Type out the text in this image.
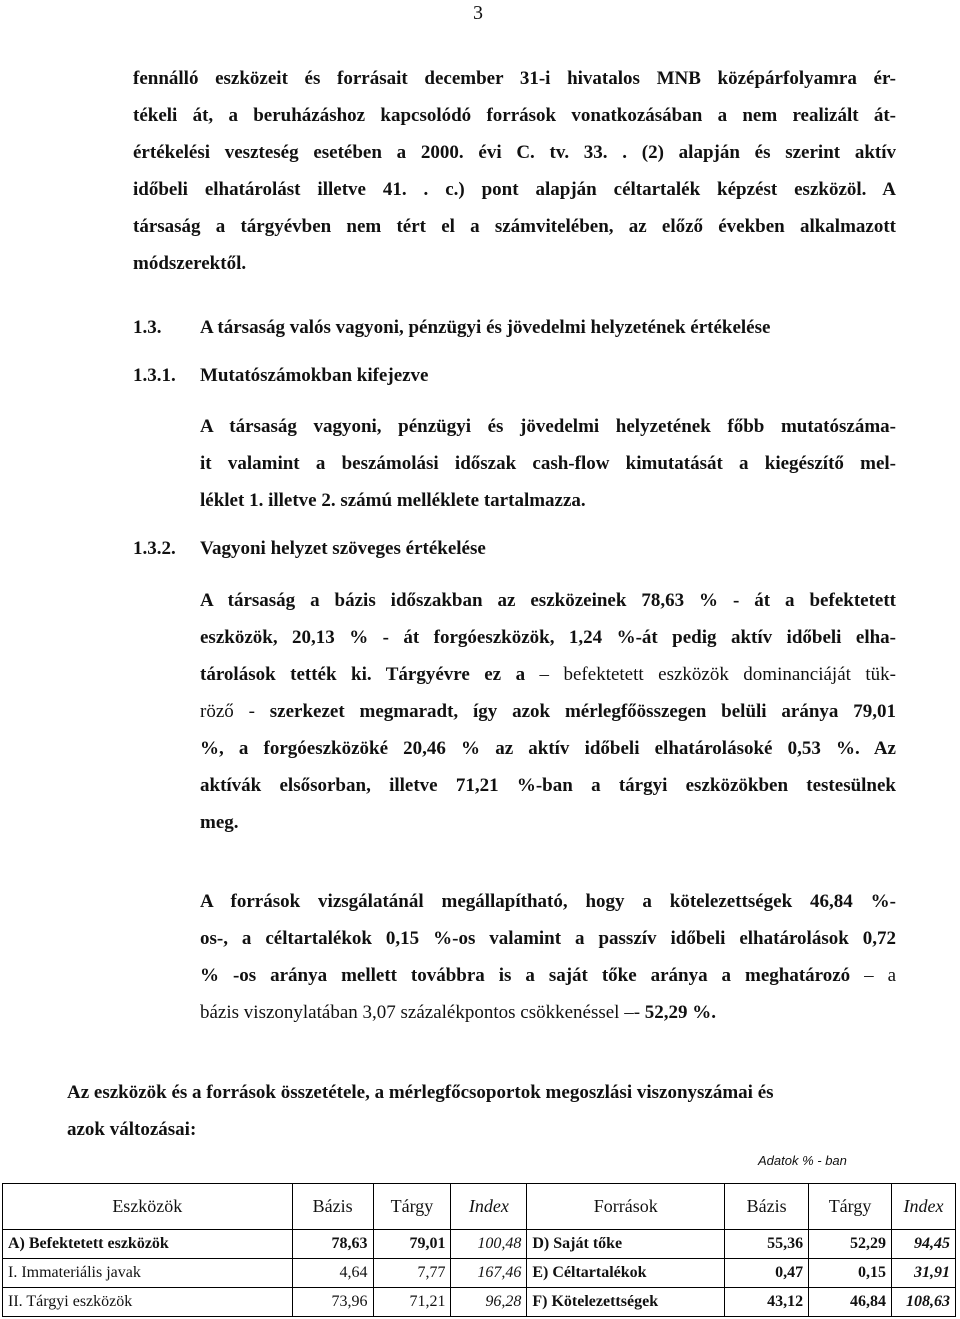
3
fennálló eszközeit és forrásait december 31-i hivatalos MNB középárfolyamra ér-
tékeli át, a beruházáshoz kapcsolódó források vonatkozásában a nem realizált át-
értékelési veszteség esetében a 2000. évi C. tv. 33. . (2) alapján és szerint aktív
időbeli elhatárolást illetve 41. . c.) pont alapján céltartalék képzést eszközöl. A
társaság a tárgyévben nem tért el a számvitelében, az előző években alkalmazott
módszerektől.
1.3. A társaság valós vagyoni, pénzügyi és jövedelmi helyzetének értékelése
1.3.1. Mutatószámokban kifejezve
A társaság vagyoni, pénzügyi és jövedelmi helyzetének főbb mutatószáma-
it valamint a beszámolási időszak cash-flow kimutatását a kiegészítő mel-
léklet 1. illetve 2. számú melléklete tartalmazza.
1.3.2. Vagyoni helyzet szöveges értékelése
A társaság a bázis időszakban az eszközeinek 78,63 % - át a befektetett
eszközök, 20,13 % - át forgóeszközök, 1,24 %-át pedig aktív időbeli elha-
tárolások tették ki. Tárgyévre ez a – befektetett eszközök dominanciáját tük-
röző - szerkezet megmaradt, így azok mérlegfőösszegen belüli aránya 79,01
%, a forgóeszközöké 20,46 % az aktív időbeli elhatárolásoké 0,53 %. Az
aktívák elsősorban, illetve 71,21 %-ban a tárgyi eszközökben testesülnek
meg.
A források vizsgálatánál megállapítható, hogy a kötelezettségek 46,84 %-
os-, a céltartalékok 0,15 %-os valamint a passzív időbeli elhatárolások 0,72
% -os aránya mellett továbbra is a saját tőke aránya a meghatározó – a
bázis viszonylatában 3,07 százalékpontos csökkenéssel –- 52,29 %.
Az eszközök és a források összetétele, a mérlegfőcsoportok megoszlási viszonyszámai és
azok változásai:
Adatok % - ban
Eszközök	Bázis	Tárgy	Index	Források	Bázis	Tárgy	Index
A) Befektetett eszközök	78,63	79,01	100,48	D) Saját tőke	55,36	52,29	94,45
I. Immateriális javak	4,64	7,77	167,46	E) Céltartalékok	0,47	0,15	31,91
II. Tárgyi eszközök	73,96	71,21	96,28	F) Kötelezettségek	43,12	46,84	108,63
